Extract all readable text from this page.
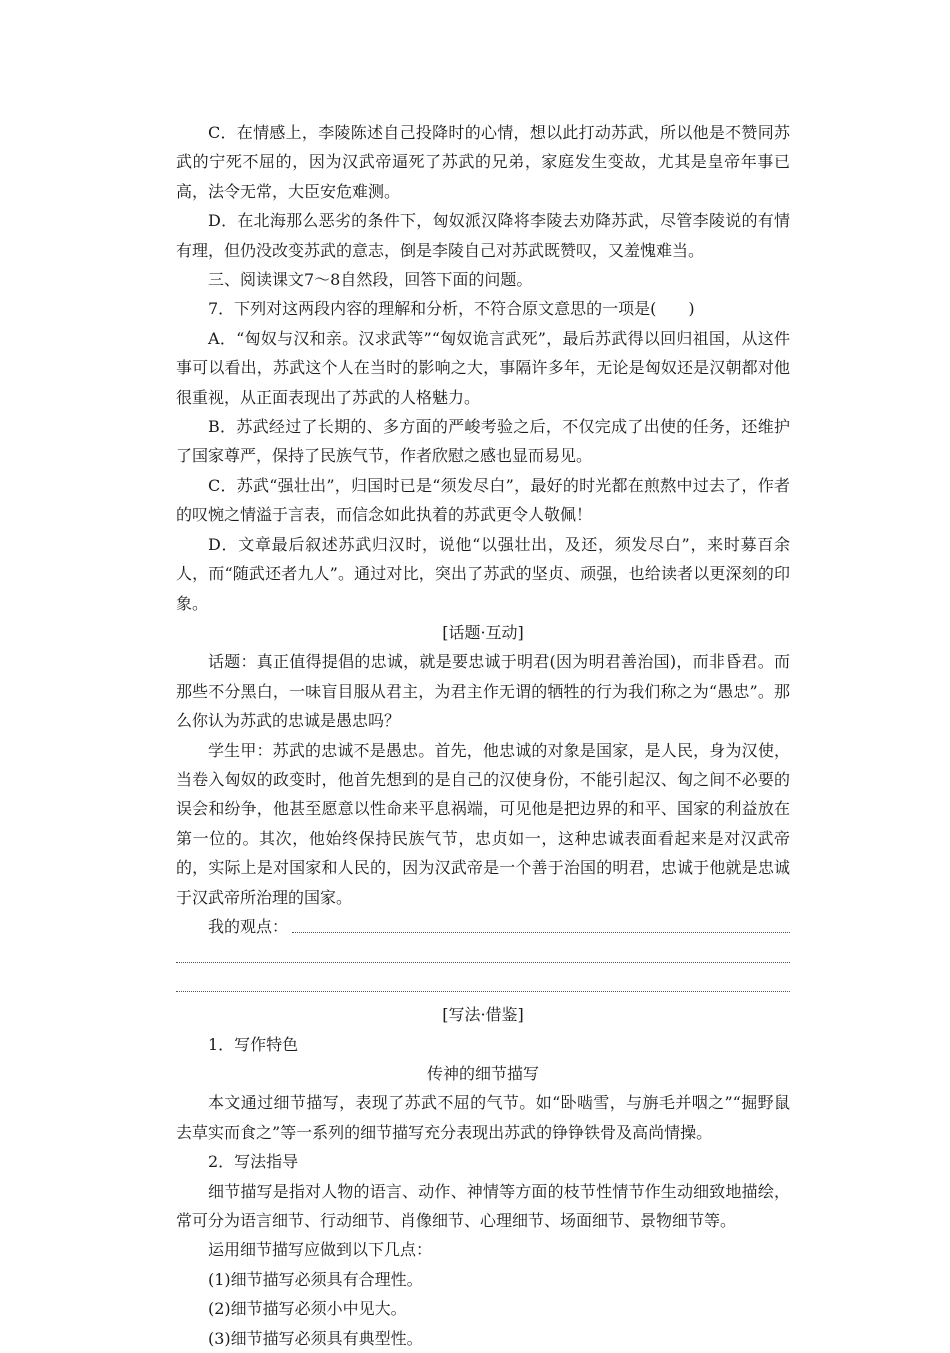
C．在情感上，李陵陈述自己投降时的心情，想以此打动苏武，所以他是不赞同苏武的宁死不屈的，因为汉武帝逼死了苏武的兄弟，家庭发生变故，尤其是皇帝年事已高，法令无常，大臣安危难测。

D．在北海那么恶劣的条件下，匈奴派汉降将李陵去劝降苏武，尽管李陵说的有情有理，但仍没改变苏武的意志，倒是李陵自己对苏武既赞叹，又羞愧难当。

三、阅读课文7～8自然段，回答下面的问题。

7．下列对这两段内容的理解和分析，不符合原文意思的一项是(　　)

A．“匈奴与汉和亲。汉求武等”“匈奴诡言武死”，最后苏武得以回归祖国，从这件事可以看出，苏武这个人在当时的影响之大，事隔许多年，无论是匈奴还是汉朝都对他很重视，从正面表现出了苏武的人格魅力。

B．苏武经过了长期的、多方面的严峻考验之后，不仅完成了出使的任务，还维护了国家尊严，保持了民族气节，作者欣慰之感也显而易见。

C．苏武“强壮出”，归国时已是“须发尽白”，最好的时光都在煎熬中过去了，作者的叹惋之情溢于言表，而信念如此执着的苏武更令人敬佩！

D．文章最后叙述苏武归汉时，说他“以强壮出，及还，须发尽白”，来时募百余人，而“随武还者九人”。通过对比，突出了苏武的坚贞、顽强，也给读者以更深刻的印象。

[话题·互动]

话题：真正值得提倡的忠诚，就是要忠诚于明君(因为明君善治国)，而非昏君。而那些不分黑白，一味盲目服从君主，为君主作无谓的牺牲的行为我们称之为“愚忠”。那么你认为苏武的忠诚是愚忠吗？

学生甲：苏武的忠诚不是愚忠。首先，他忠诚的对象是国家，是人民，身为汉使，当卷入匈奴的政变时，他首先想到的是自己的汉使身份，不能引起汉、匈之间不必要的误会和纷争，他甚至愿意以性命来平息祸端，可见他是把边界的和平、国家的利益放在第一位的。其次，他始终保持民族气节，忠贞如一，这种忠诚表面看起来是对汉武帝的，实际上是对国家和人民的，因为汉武帝是一个善于治国的明君，忠诚于他就是忠诚于汉武帝所治理的国家。

我的观点：

[写法·借鉴]

1．写作特色

传神的细节描写

本文通过细节描写，表现了苏武不屈的气节。如“卧啮雪，与旃毛并咽之”“掘野鼠去草实而食之”等一系列的细节描写充分表现出苏武的铮铮铁骨及高尚情操。

2．写法指导

细节描写是指对人物的语言、动作、神情等方面的枝节性情节作生动细致地描绘，常可分为语言细节、行动细节、肖像细节、心理细节、场面细节、景物细节等。

运用细节描写应做到以下几点：

(1)细节描写必须具有合理性。

(2)细节描写必须小中见大。

(3)细节描写必须具有典型性。
